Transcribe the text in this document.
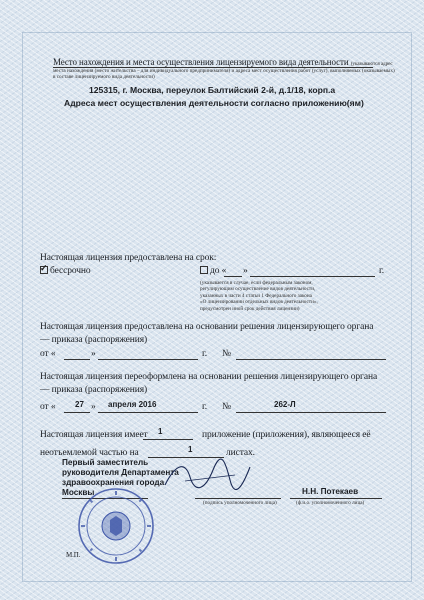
Место нахождения и места осуществления лицензируемого вида деятельности (указываются адрес
места нахождения (место жительства – для индивидуального предпринимателя) и адреса мест осуществления работ (услуг), выполняемых (оказываемых)
в составе лицензируемого вида деятельности)
125315, г. Москва, переулок Балтийский 2-й, д.1/18, корп.а
Адреса мест осуществления деятельности согласно приложению(ям)
Настоящая лицензия предоставлена на срок:
✓ бессрочно	до « »	г.
(указывается в случае, если федеральным законом,
регулирующим осуществление видов деятельности,
указанных в части 4 статьи 1 Федерального закона
«О лицензировании отдельных видов деятельности»,
предусмотрен иной срок действия лицензии)
Настоящая лицензия предоставлена на основании решения лицензирующего органа
— приказа (распоряжения)
от «	»	г. №
Настоящая лицензия переоформлена на основании решения лицензирующего органа
— приказа (распоряжения)
от « 27 » апреля 2016	г. №	262-Л
Настоящая лицензия имеет 1	приложение (приложения), являющееся её
неотъемлемой частью на	1	листах.
Первый заместитель
руководителя Департамента
здравоохранения города
Москвы
(подпись уполномоченного лица)
Н.Н. Потекаев
(ф.и.о. уполномоченного лица)
М.П.
